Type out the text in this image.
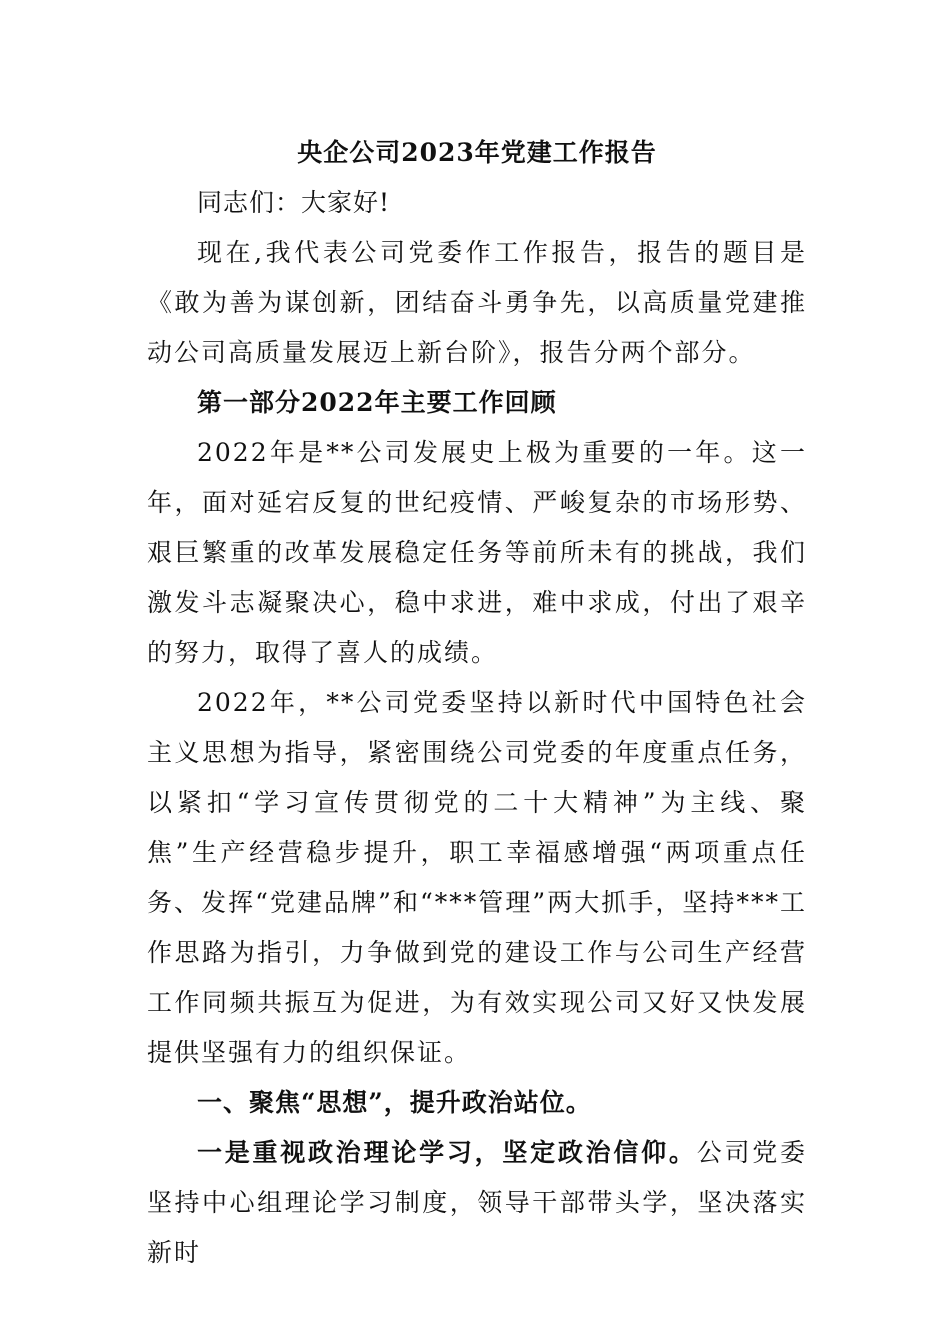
央企公司2023年党建工作报告

同志们：大家好!

现在,我代表公司党委作工作报告，报告的题目是《敢为善为谋创新，团结奋斗勇争先，以高质量党建推动公司高质量发展迈上新台阶》，报告分两个部分。

第一部分2022年主要工作回顾

2022年是**公司发展史上极为重要的一年。这一年，面对延宕反复的世纪疫情、严峻复杂的市场形势、艰巨繁重的改革发展稳定任务等前所未有的挑战，我们激发斗志凝聚决心，稳中求进，难中求成，付出了艰辛的努力，取得了喜人的成绩。

2022年，**公司党委坚持以新时代中国特色社会主义思想为指导，紧密围绕公司党委的年度重点任务，以紧扣“学习宣传贯彻党的二十大精神”为主线、聚焦”生产经营稳步提升，职工幸福感增强“两项重点任务、发挥“党建品牌”和“***管理”两大抓手，坚持***工作思路为指引，力争做到党的建设工作与公司生产经营工作同频共振互为促进，为有效实现公司又好又快发展提供坚强有力的组织保证。

一、聚焦“思想”，提升政治站位。

一是重视政治理论学习，坚定政治信仰。公司党委坚持中心组理论学习制度，领导干部带头学，坚决落实新时
